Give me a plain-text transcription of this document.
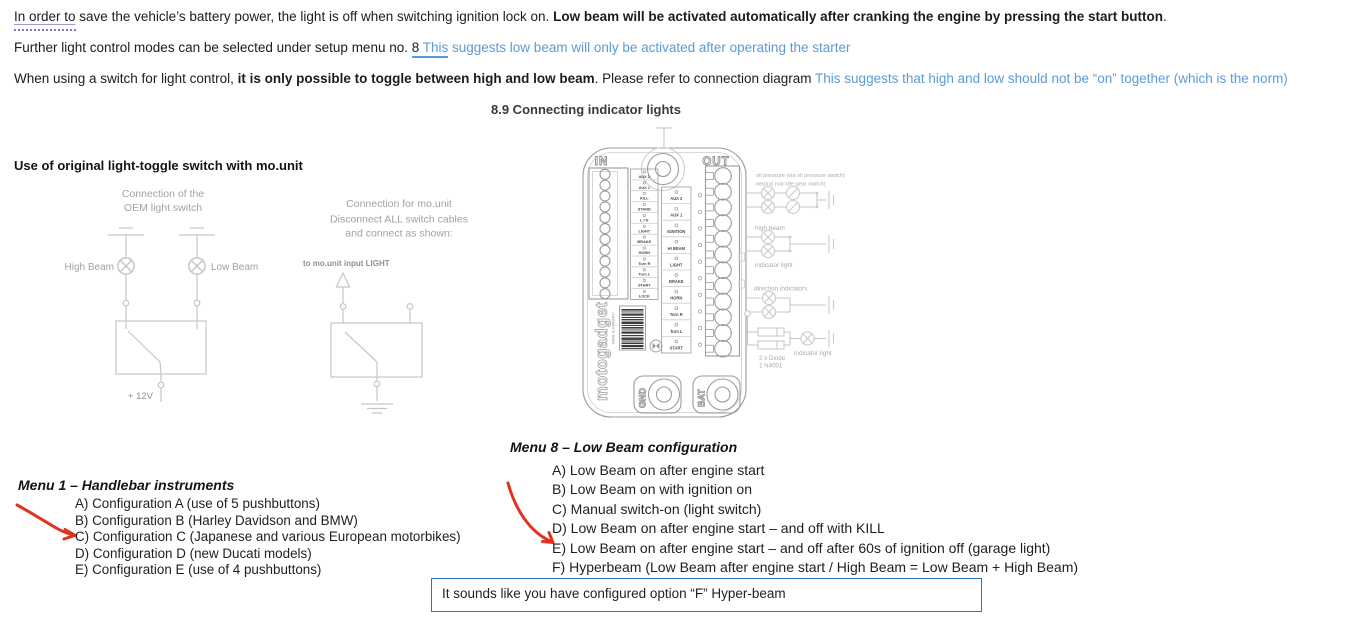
Connection of the
OEM light switch
High Beam	Low Beam
+ 12V
Connection for mo.unit
Disconnect ALL switch cables
and connect as shown:
to mo.unit input LIGHT
IN	OUT
AUX 2
AUX 1
KILL
STAND
L I N
LIGHT
BRAKE
HORN
Turn R
Turn L
START
LOCK
AUX 2
AUX 1
IGNITION
HI BEAM
LIGHT
BRAKE
HORN
Turn R
Turn L
START
motogadget MADE IN GERMANY
GND	BAT
oil pressure (via oil pressure switch)
neutral (via idle gear switch)
high beam
indicator light
direction indicators
2 x Diode
1 N4001
indicator light
In order to save the vehicle’s battery power, the light is off when switching ignition lock on. Low beam will be activated automatically after cranking the engine by pressing the start button.
Further light control modes can be selected under setup menu no. 8 This suggests low beam will only be activated after operating the starter
When using a switch for light control, it is only possible to toggle between high and low beam. Please refer to connection diagram This suggests that high and low should not be “on” together (which is the norm)
8.9 Connecting indicator lights
Use of original light-toggle switch with mo.unit
Menu 8 – Low Beam configuration
A) Low Beam on after engine start
B) Low Beam on with ignition on
C) Manual switch-on (light switch)
D) Low Beam on after engine start – and off with KILL
E) Low Beam on after engine start – and off after 60s of ignition off (garage light)
F) Hyperbeam (Low Beam after engine start / High Beam = Low Beam + High Beam)
Menu 1 – Handlebar instruments
A) Configuration A (use of 5 pushbuttons)
B) Configuration B (Harley Davidson and BMW)
C) Configuration C (Japanese and various European motorbikes)
D) Configuration D (new Ducati models)
E) Configuration E (use of 4 pushbuttons)
It sounds like you have configured option “F” Hyper-beam
